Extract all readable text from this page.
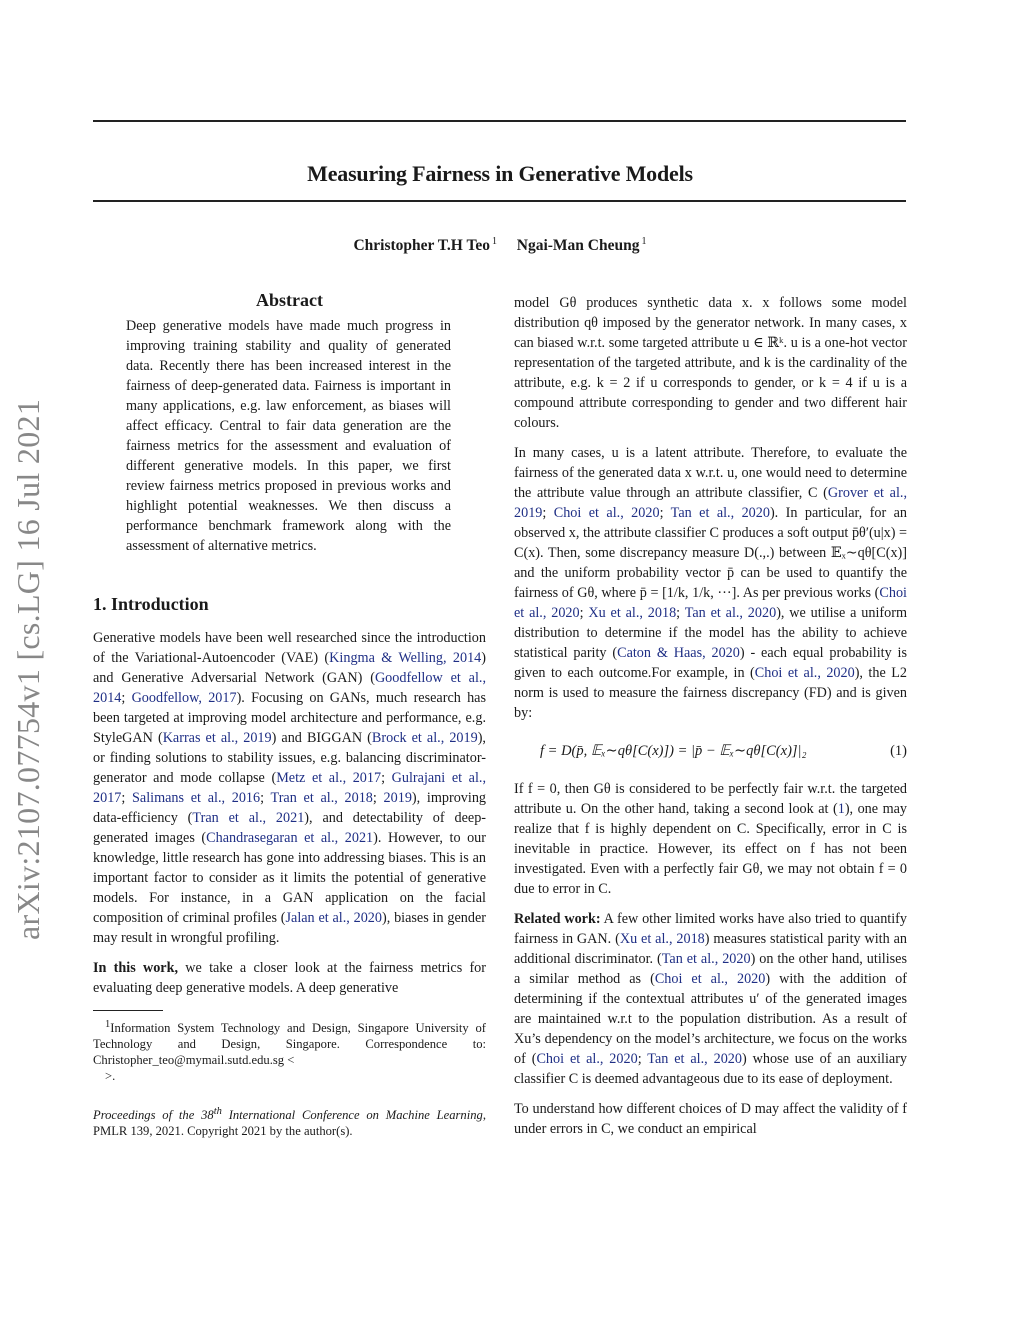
Measuring Fairness in Generative Models
Christopher T.H Teo $^1$ Ngai-Man Cheung $^1$
arXiv:2107.07754v1 [cs.LG] 16 Jul 2021
Abstract
Deep generative models have made much progress in improving training stability and quality of generated data. Recently there has been increased interest in the fairness of deep-generated data. Fairness is important in many applications, e.g. law enforcement, as biases will affect efficacy. Central to fair data generation are the fairness metrics for the assessment and evaluation of different generative models. In this paper, we first review fairness metrics proposed in previous works and highlight potential weaknesses. We then discuss a performance benchmark framework along with the assessment of alternative metrics.
1. Introduction

Generative models have been well researched since the introduction of the Variational-Autoencoder (VAE) (Kingma & Welling, 2014) and Generative Adversarial Network (GAN) (Goodfellow et al., 2014; Goodfellow, 2017). Focusing on GANs, much research has been targeted at improving model architecture and performance, e.g. StyleGAN (Karras et al., 2019) and BIGGAN (Brock et al., 2019), or finding solutions to stability issues, e.g. balancing discriminator-generator and mode collapse (Metz et al., 2017; Gulrajani et al., 2017; Salimans et al., 2016; Tran et al., 2018; 2019), improving data-efficiency (Tran et al., 2021), and detectability of deep-generated images (Chandrasegaran et al., 2021). However, to our knowledge, little research has gone into addressing biases. This is an important factor to consider as it limits the potential of generative models. For instance, in a GAN application on the facial composition of criminal profiles (Jalan et al., 2020), biases in gender may result in wrongful profiling.

In this work, we take a closer look at the fairness metrics for evaluating deep generative models. A deep generative

$^1$Information System Technology and Design, Singapore University of Technology and Design, Singapore. Correspondence to: Christopher_teo@mymail.sutd.edu.sg <
>.
Proceedings of the 38th International Conference on Machine Learning, PMLR 139, 2021. Copyright 2021 by the author(s).

model Gθ produces synthetic data x. x follows some model distribution qθ imposed by the generator network. In many cases, x can biased w.r.t. some targeted attribute u ∈ ℝᵏ. u is a one-hot vector representation of the targeted attribute, and k is the cardinality of the attribute, e.g. k = 2 if u corresponds to gender, or k = 4 if u is a compound attribute corresponding to gender and two different hair colours.

In many cases, u is a latent attribute. Therefore, to evaluate the fairness of the generated data x w.r.t. u, one would need to determine the attribute value through an attribute classifier, C (Grover et al., 2019; Choi et al., 2020; Tan et al., 2020). In particular, for an observed x, the attribute classifier C produces a soft output p̄θ′(u|x) = C(x). Then, some discrepancy measure D(.,.) between 𝔼ₓ∼qθ[C(x)] and the uniform probability vector p̄ can be used to quantify the fairness of Gθ, where p̄ = [1/k, 1/k, ···]. As per previous works (Choi et al., 2020; Xu et al., 2018; Tan et al., 2020), we utilise a uniform distribution to determine if the model has the ability to achieve statistical parity (Caton & Haas, 2020) - each equal probability is given to each outcome.For example, in (Choi et al., 2020), the L2 norm is used to measure the fairness discrepancy (FD) and is given by:

f = D(p̄, 𝔼ₓ∼qθ[C(x)]) = |p̄ − 𝔼ₓ∼qθ[C(x)]|₂	(1)

If f = 0, then Gθ is considered to be perfectly fair w.r.t. the targeted attribute u. On the other hand, taking a second look at (1), one may realize that f is highly dependent on C. Specifically, error in C is inevitable in practice. However, its effect on f has not been investigated. Even with a perfectly fair Gθ, we may not obtain f = 0 due to error in C.

Related work: A few other limited works have also tried to quantify fairness in GAN. (Xu et al., 2018) measures statistical parity with an additional discriminator. (Tan et al., 2020) on the other hand, utilises a similar method as (Choi et al., 2020) with the addition of determining if the contextual attributes u′ of the generated images are maintained w.r.t to the population distribution. As a result of Xu’s dependency on the model’s architecture, we focus on the works of (Choi et al., 2020; Tan et al., 2020) whose use of an auxiliary classifier C is deemed advantageous due to its ease of deployment.

To understand how different choices of D may affect the validity of f under errors in C, we conduct an empirical
